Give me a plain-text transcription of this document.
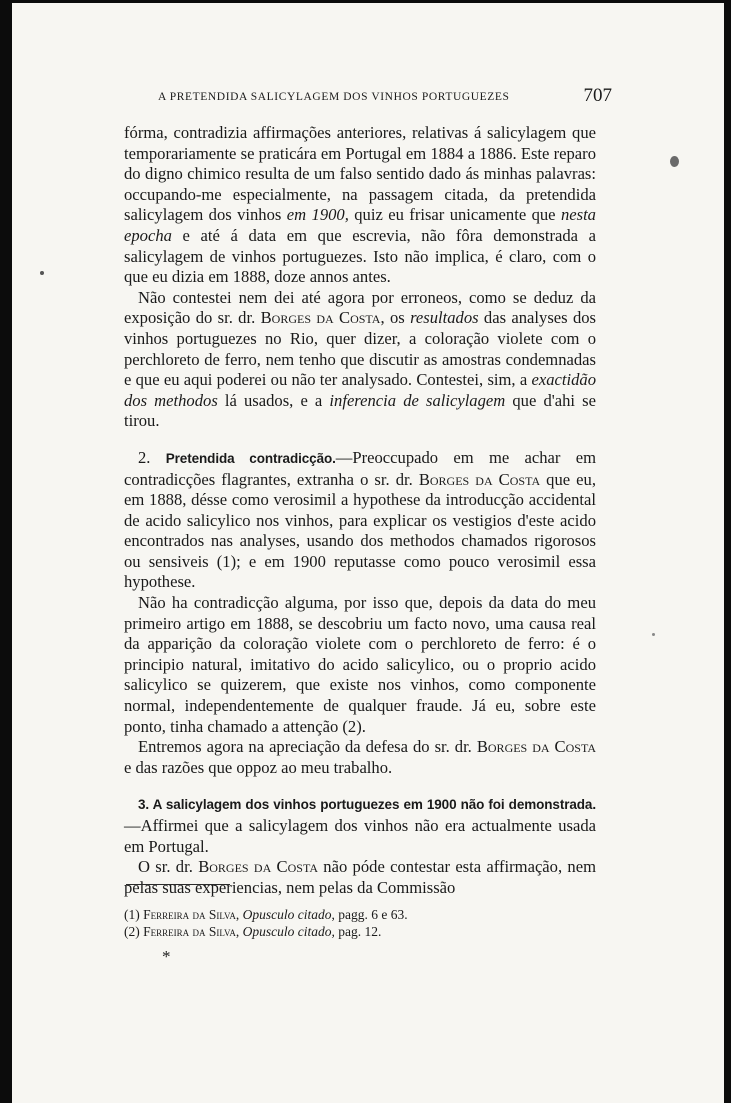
A PRETENDIDA SALICYLAGEM DOS VINHOS PORTUGUEZES	707

fórma, contradizia affirmações anteriores, relativas á salicylagem que temporariamente se praticára em Portugal em 1884 a 1886. Este reparo do digno chimico resulta de um falso sentido dado ás minhas palavras: occupando-me especialmente, na passagem citada, da pretendida salicylagem dos vinhos em 1900, quiz eu frisar unicamente que nesta epocha e até á data em que escrevia, não fôra demonstrada a salicylagem de vinhos portuguezes. Isto não implica, é claro, com o que eu dizia em 1888, doze annos antes.

Não contestei nem dei até agora por erroneos, como se deduz da exposição do sr. dr. Borges da Costa, os resultados das analyses dos vinhos portuguezes no Rio, quer dizer, a coloração violete com o perchloreto de ferro, nem tenho que discutir as amostras condemnadas e que eu aqui poderei ou não ter analysado. Contestei, sim, a exactidão dos methodos lá usados, e a inferencia de salicylagem que d'ahi se tirou.

2. Pretendida contradicção.—Preoccupado em me achar em contradicções flagrantes, extranha o sr. dr. Borges da Costa que eu, em 1888, désse como verosimil a hypothese da introducção accidental de acido salicylico nos vinhos, para explicar os vestigios d'este acido encontrados nas analyses, usando dos methodos chamados rigorosos ou sensiveis (1); e em 1900 reputasse como pouco verosimil essa hypothese.

Não ha contradicção alguma, por isso que, depois da data do meu primeiro artigo em 1888, se descobriu um facto novo, uma causa real da apparição da coloração violete com o perchloreto de ferro: é o principio natural, imitativo do acido salicylico, ou o proprio acido salicylico se quizerem, que existe nos vinhos, como componente normal, independentemente de qualquer fraude. Já eu, sobre este ponto, tinha chamado a attenção (2).

Entremos agora na apreciação da defesa do sr. dr. Borges da Costa e das razões que oppoz ao meu trabalho.

3. A salicylagem dos vinhos portuguezes em 1900 não foi demonstrada.—Affirmei que a salicylagem dos vinhos não era actualmente usada em Portugal.

O sr. dr. Borges da Costa não póde contestar esta affirmação, nem pelas suas experiencias, nem pelas da Commissão

(1) Ferreira da Silva, Opusculo citado, pagg. 6 e 63.
(2) Ferreira da Silva, Opusculo citado, pag. 12.
*
